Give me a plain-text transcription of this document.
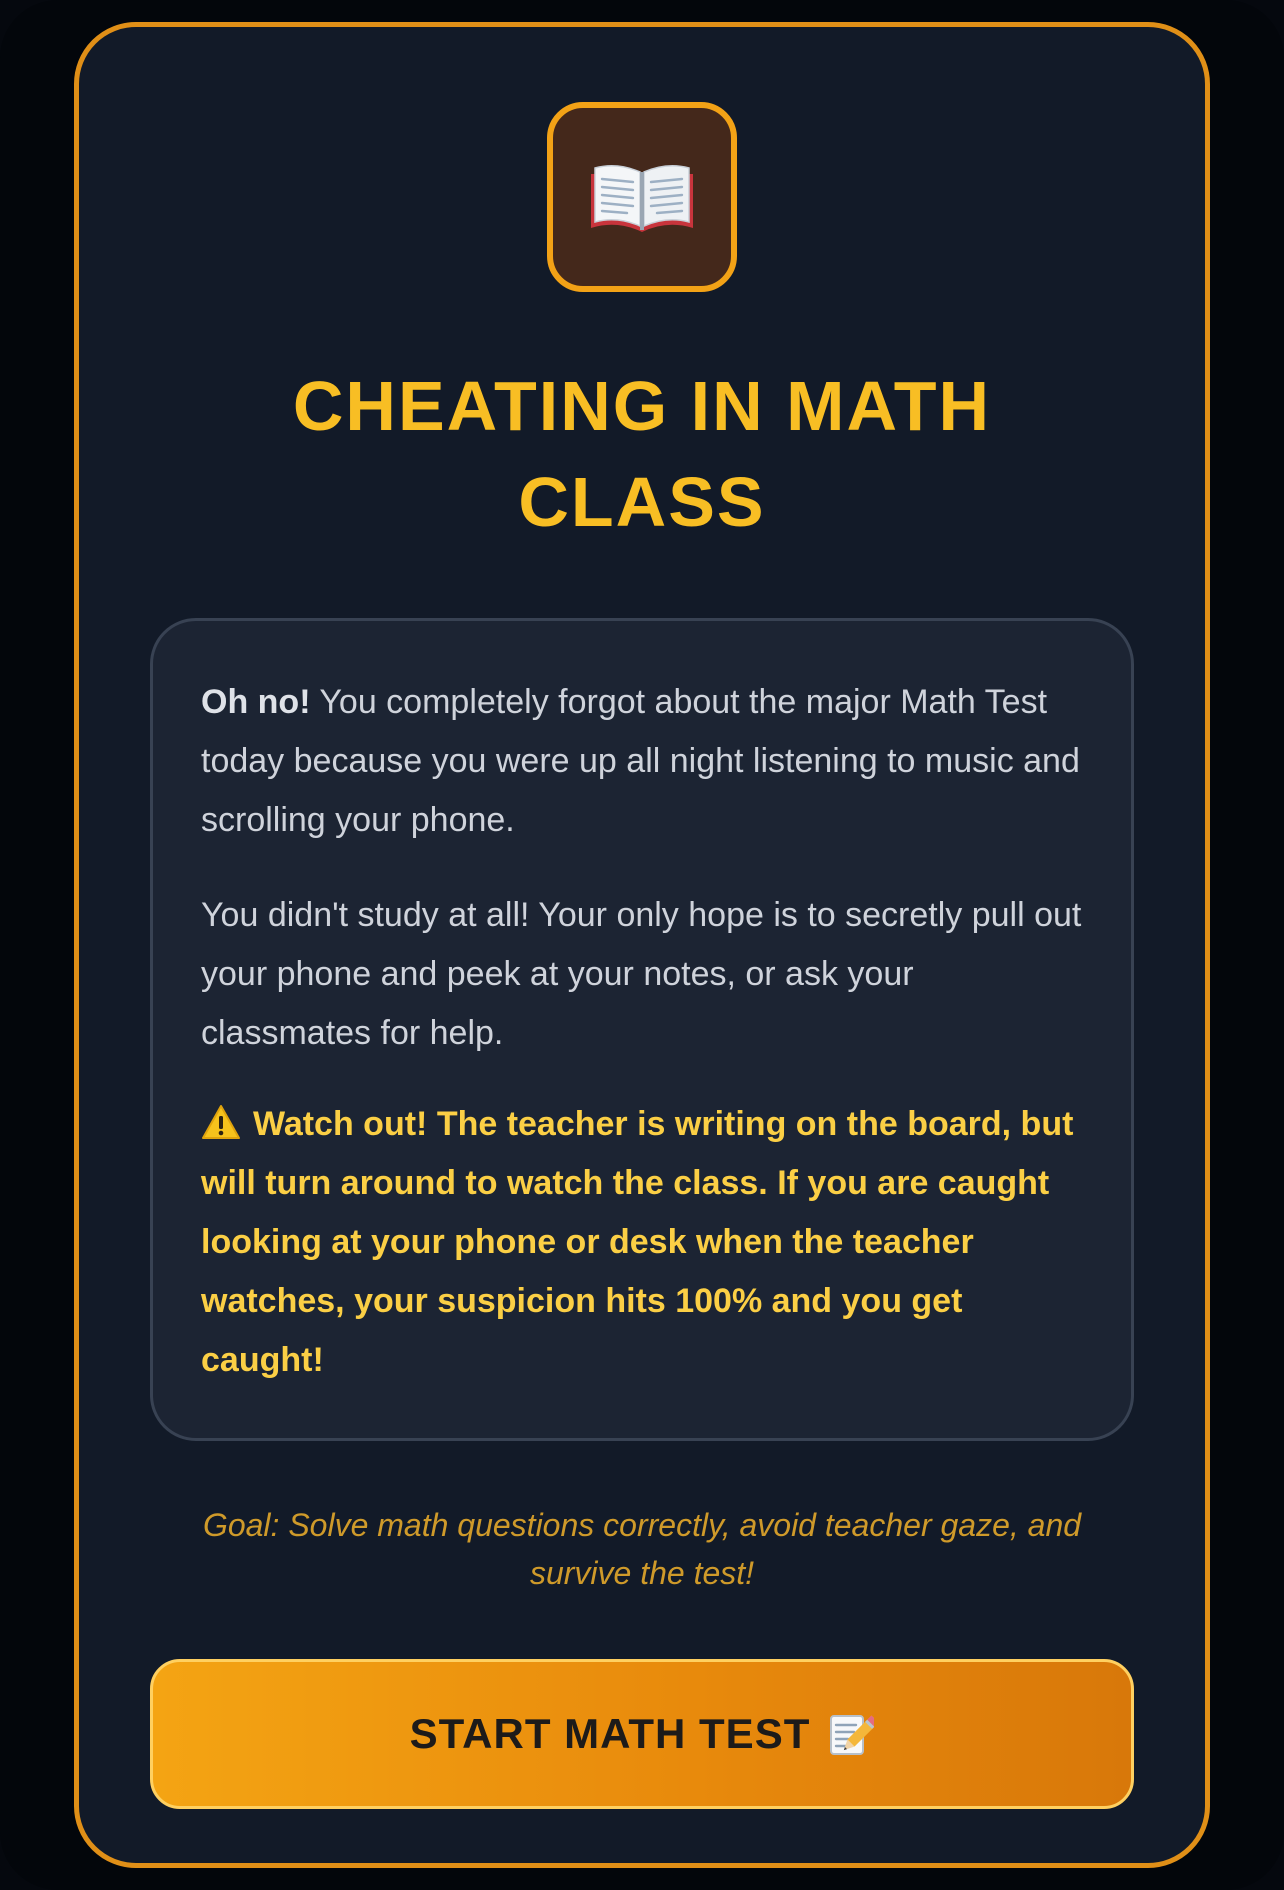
CHEATING IN MATH CLASS

Oh no! You completely forgot about the major Math Test today because you were up all night listening to music and scrolling your phone.

You didn't study at all! Your only hope is to secretly pull out your phone and peek at your notes, or ask your classmates for help.

Watch out! The teacher is writing on the board, but will turn around to watch the class. If you are caught looking at your phone or desk when the teacher watches, your suspicion hits 100% and you get caught!

Goal: Solve math questions correctly, avoid teacher gaze, and survive the test!
START MATH TEST
